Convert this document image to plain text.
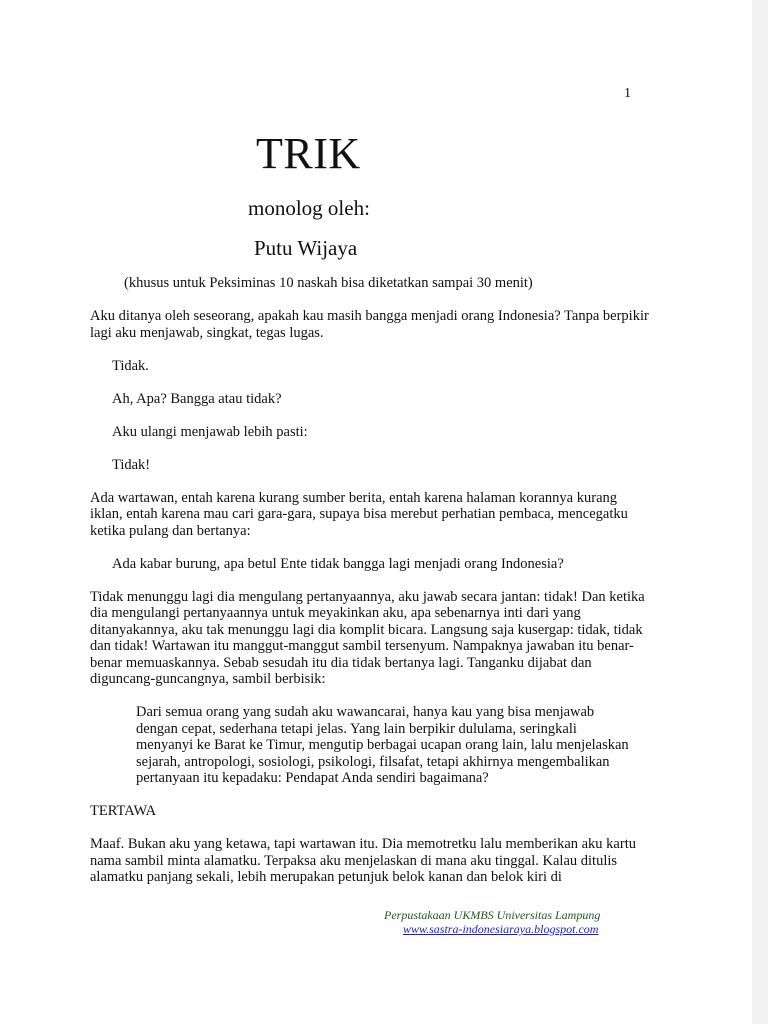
1
TRIK
monolog oleh:
Putu Wijaya
(khusus untuk Peksiminas 10 naskah bisa diketatkan sampai 30 menit)

Aku ditanya oleh seseorang, apakah kau masih bangga menjadi orang Indonesia? Tanpa berpikir lagi aku menjawab, singkat, tegas lugas.

Tidak.

Ah, Apa? Bangga atau tidak?

Aku ulangi menjawab lebih pasti:

Tidak!

Ada wartawan, entah karena kurang sumber berita, entah karena halaman korannya kurang iklan, entah karena mau cari gara-gara, supaya bisa merebut perhatian pembaca, mencegatku ketika pulang dan bertanya:

Ada kabar burung, apa betul Ente tidak bangga lagi menjadi orang Indonesia?

Tidak menunggu lagi dia mengulang pertanyaannya, aku jawab secara jantan: tidak! Dan ketika dia mengulangi pertanyaannya untuk meyakinkan aku, apa sebenarnya inti dari yang ditanyakannya, aku tak menunggu lagi dia komplit bicara. Langsung saja kusergap: tidak, tidak dan tidak! Wartawan itu manggut-manggut sambil tersenyum. Nampaknya jawaban itu benar-benar memuaskannya. Sebab sesudah itu dia tidak bertanya lagi. Tanganku dijabat dan diguncang-guncangnya, sambil berbisik:

Dari semua orang yang sudah aku wawancarai, hanya kau yang bisa menjawab dengan cepat, sederhana tetapi jelas. Yang lain berpikir dululama, seringkali menyanyi ke Barat ke Timur, mengutip berbagai ucapan orang lain, lalu menjelaskan sejarah, antropologi, sosiologi, psikologi, filsafat, tetapi akhirnya mengembalikan pertanyaan itu kepadaku: Pendapat Anda sendiri bagaimana?

TERTAWA

Maaf. Bukan aku yang ketawa, tapi wartawan itu. Dia memotretku lalu memberikan aku kartu nama sambil minta alamatku. Terpaksa aku menjelaskan di mana aku tinggal. Kalau ditulis alamatku panjang sekali, lebih merupakan petunjuk belok kanan dan belok kiri di

Perpustakaan UKMBS Universitas Lampung
www.sastra-indonesiaraya.blogspot.com
